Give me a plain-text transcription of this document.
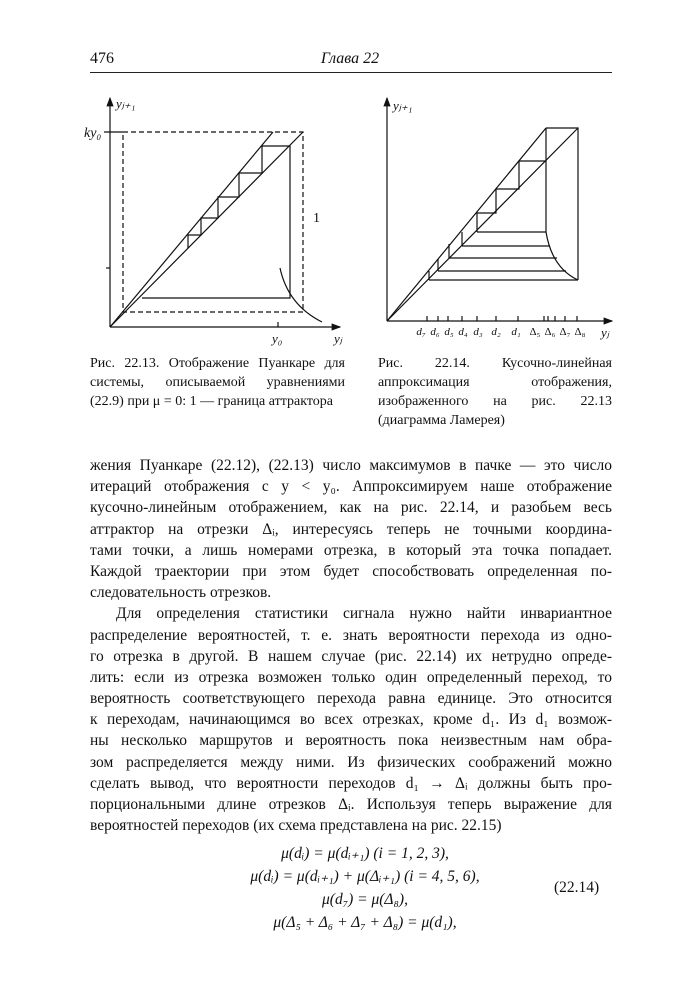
476	Глава 22
ky₀
yⱼ₊₁
yⱼ
y₀
1
yⱼ₊₁
yⱼ
d₇ d₆ d₅ d₄ d₃ d₂ d₁ Δ₅ Δ₆ Δ₇ Δ₈
Рис. 22.13. Отображение Пуанкаре для системы, описываемой уравнениями (22.9) при μ = 0: 1 — граница аттрактора
Рис. 22.14. Кусочно-линейная аппроксимация отображения, изображенного на рис. 22.13 (диаграмма Ламерея)
жения Пуанкаре (22.12), (22.13) число максимумов в пачке — это число
итераций отображения с y < y₀. Аппроксимируем наше отображение
кусочно-линейным отображением, как на рис. 22.14, и разобьем весь
аттрактор на отрезки Δᵢ, интересуясь теперь не точными координа-
тами точки, а лишь номерами отрезка, в который эта точка попадает.
Каждой траектории при этом будет способствовать определенная по-
следовательность отрезков.
Для определения статистики сигнала нужно найти инвариантное
распределение вероятностей, т. е. знать вероятности перехода из одно-
го отрезка в другой. В нашем случае (рис. 22.14) их нетрудно опреде-
лить: если из отрезка возможен только один определенный переход, то
вероятность соответствующего перехода равна единице. Это относится
к переходам, начинающимся во всех отрезках, кроме d₁. Из d₁ возмож-
ны несколько маршрутов и вероятность пока неизвестным нам обра-
зом распределяется между ними. Из физических соображений можно
сделать вывод, что вероятности переходов d₁ → Δᵢ должны быть про-
порциональными длине отрезков Δᵢ. Используя теперь выражение для
вероятностей переходов (их схема представлена на рис. 22.15)
μ(dᵢ) = μ(dᵢ₊₁) (i = 1, 2, 3),
μ(dᵢ) = μ(dᵢ₊₁) + μ(Δᵢ₊₁) (i = 4, 5, 6),
μ(d₇) = μ(Δ₈),
μ(Δ₅ + Δ₆ + Δ₇ + Δ₈) = μ(d₁),
(22.14)
